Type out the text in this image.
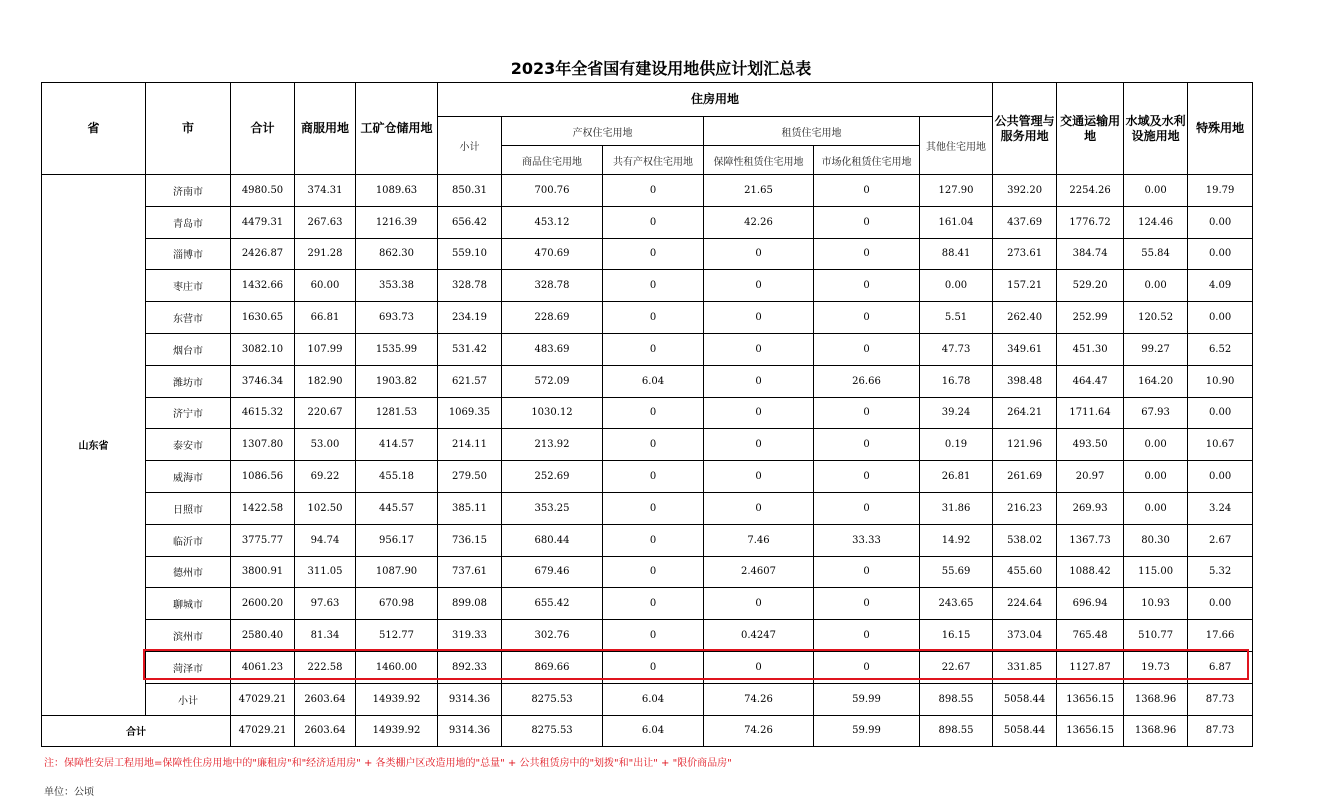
2023年全省国有建设用地供应计划汇总表
省	市	合计	商服用地	工矿仓储用地	住房用地						公共管理与服务用地	交通运输用地	水域及水利设施用地	特殊用地
					小计	产权住宅用地		租赁住宅用地		其他住宅用地				
						商品住宅用地	共有产权住宅用地	保障性租赁住宅用地	市场化租赁住宅用地					
山东省	济南市	4980.50	374.31	1089.63	850.31	700.76	0	21.65	0	127.90	392.20	2254.26	0.00	19.79
	青岛市	4479.31	267.63	1216.39	656.42	453.12	0	42.26	0	161.04	437.69	1776.72	124.46	0.00
	淄博市	2426.87	291.28	862.30	559.10	470.69	0	0	0	88.41	273.61	384.74	55.84	0.00
	枣庄市	1432.66	60.00	353.38	328.78	328.78	0	0	0	0.00	157.21	529.20	0.00	4.09
	东营市	1630.65	66.81	693.73	234.19	228.69	0	0	0	5.51	262.40	252.99	120.52	0.00
	烟台市	3082.10	107.99	1535.99	531.42	483.69	0	0	0	47.73	349.61	451.30	99.27	6.52
	潍坊市	3746.34	182.90	1903.82	621.57	572.09	6.04	0	26.66	16.78	398.48	464.47	164.20	10.90
	济宁市	4615.32	220.67	1281.53	1069.35	1030.12	0	0	0	39.24	264.21	1711.64	67.93	0.00
	泰安市	1307.80	53.00	414.57	214.11	213.92	0	0	0	0.19	121.96	493.50	0.00	10.67
	威海市	1086.56	69.22	455.18	279.50	252.69	0	0	0	26.81	261.69	20.97	0.00	0.00
	日照市	1422.58	102.50	445.57	385.11	353.25	0	0	0	31.86	216.23	269.93	0.00	3.24
	临沂市	3775.77	94.74	956.17	736.15	680.44	0	7.46	33.33	14.92	538.02	1367.73	80.30	2.67
	德州市	3800.91	311.05	1087.90	737.61	679.46	0	2.4607	0	55.69	455.60	1088.42	115.00	5.32
	聊城市	2600.20	97.63	670.98	899.08	655.42	0	0	0	243.65	224.64	696.94	10.93	0.00
	滨州市	2580.40	81.34	512.77	319.33	302.76	0	0.4247	0	16.15	373.04	765.48	510.77	17.66
	菏泽市	4061.23	222.58	1460.00	892.33	869.66	0	0	0	22.67	331.85	1127.87	19.73	6.87
	小计	47029.21	2603.64	14939.92	9314.36	8275.53	6.04	74.26	59.99	898.55	5058.44	13656.15	1368.96	87.73
合计		47029.21	2603.64	14939.92	9314.36	8275.53	6.04	74.26	59.99	898.55	5058.44	13656.15	1368.96	87.73
注：保障性安居工程用地=保障性住房用地中的"廉租房"和"经济适用房" + 各类棚户区改造用地的"总量" + 公共租赁房中的"划拨"和"出让" + "限价商品房"
单位：公顷
